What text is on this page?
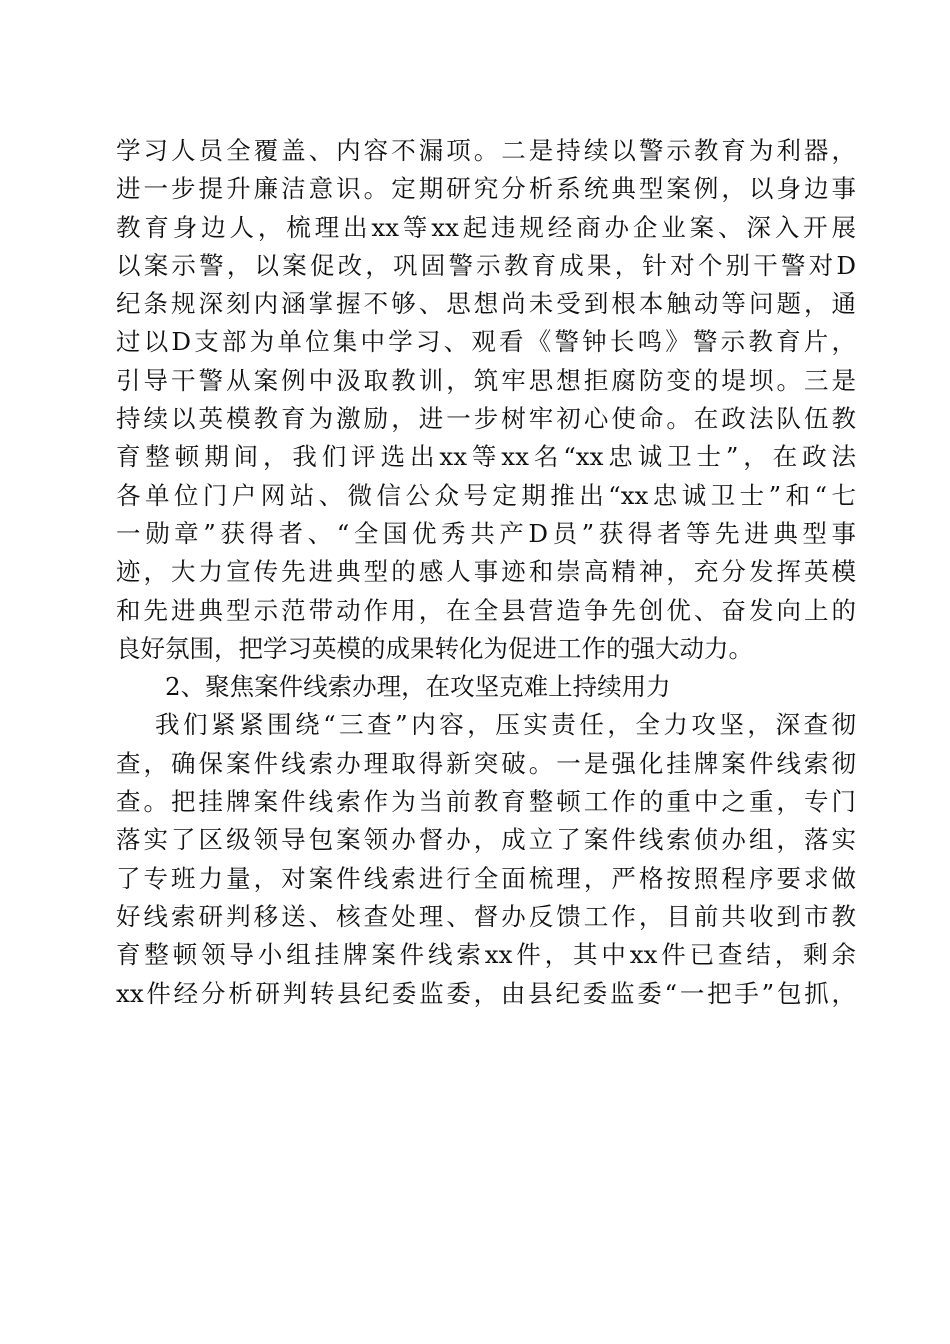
学习人员全覆盖、内容不漏项。二是持续以警示教育为利器，
进一步提升廉洁意识。定期研究分析系统典型案例，以身边事
教育身边人，梳理出xx等xx起违规经商办企业案、深入开展
以案示警，以案促改，巩固警示教育成果，针对个别干警对D
纪条规深刻内涵掌握不够、思想尚未受到根本触动等问题，通
过以D支部为单位集中学习、观看《警钟长鸣》警示教育片，
引导干警从案例中汲取教训，筑牢思想拒腐防变的堤坝。三是
持续以英模教育为激励，进一步树牢初心使命。在政法队伍教
育整顿期间，我们评选出xx等xx名“xx忠诚卫士”，在政法
各单位门户网站、微信公众号定期推出“xx忠诚卫士”和“七
一勋章”获得者、“全国优秀共产D员”获得者等先进典型事
迹，大力宣传先进典型的感人事迹和崇高精神，充分发挥英模
和先进典型示范带动作用，在全县营造争先创优、奋发向上的
良好氛围，把学习英模的成果转化为促进工作的强大动力。
2、聚焦案件线索办理，在攻坚克难上持续用力
我们紧紧围绕“三查”内容，压实责任，全力攻坚，深查彻
查，确保案件线索办理取得新突破。一是强化挂牌案件线索彻
查。把挂牌案件线索作为当前教育整顿工作的重中之重，专门
落实了区级领导包案领办督办，成立了案件线索侦办组，落实
了专班力量，对案件线索进行全面梳理，严格按照程序要求做
好线索研判移送、核查处理、督办反馈工作，目前共收到市教
育整顿领导小组挂牌案件线索xx件，其中xx件已查结，剩余
xx件经分析研判转县纪委监委，由县纪委监委“一把手”包抓，
